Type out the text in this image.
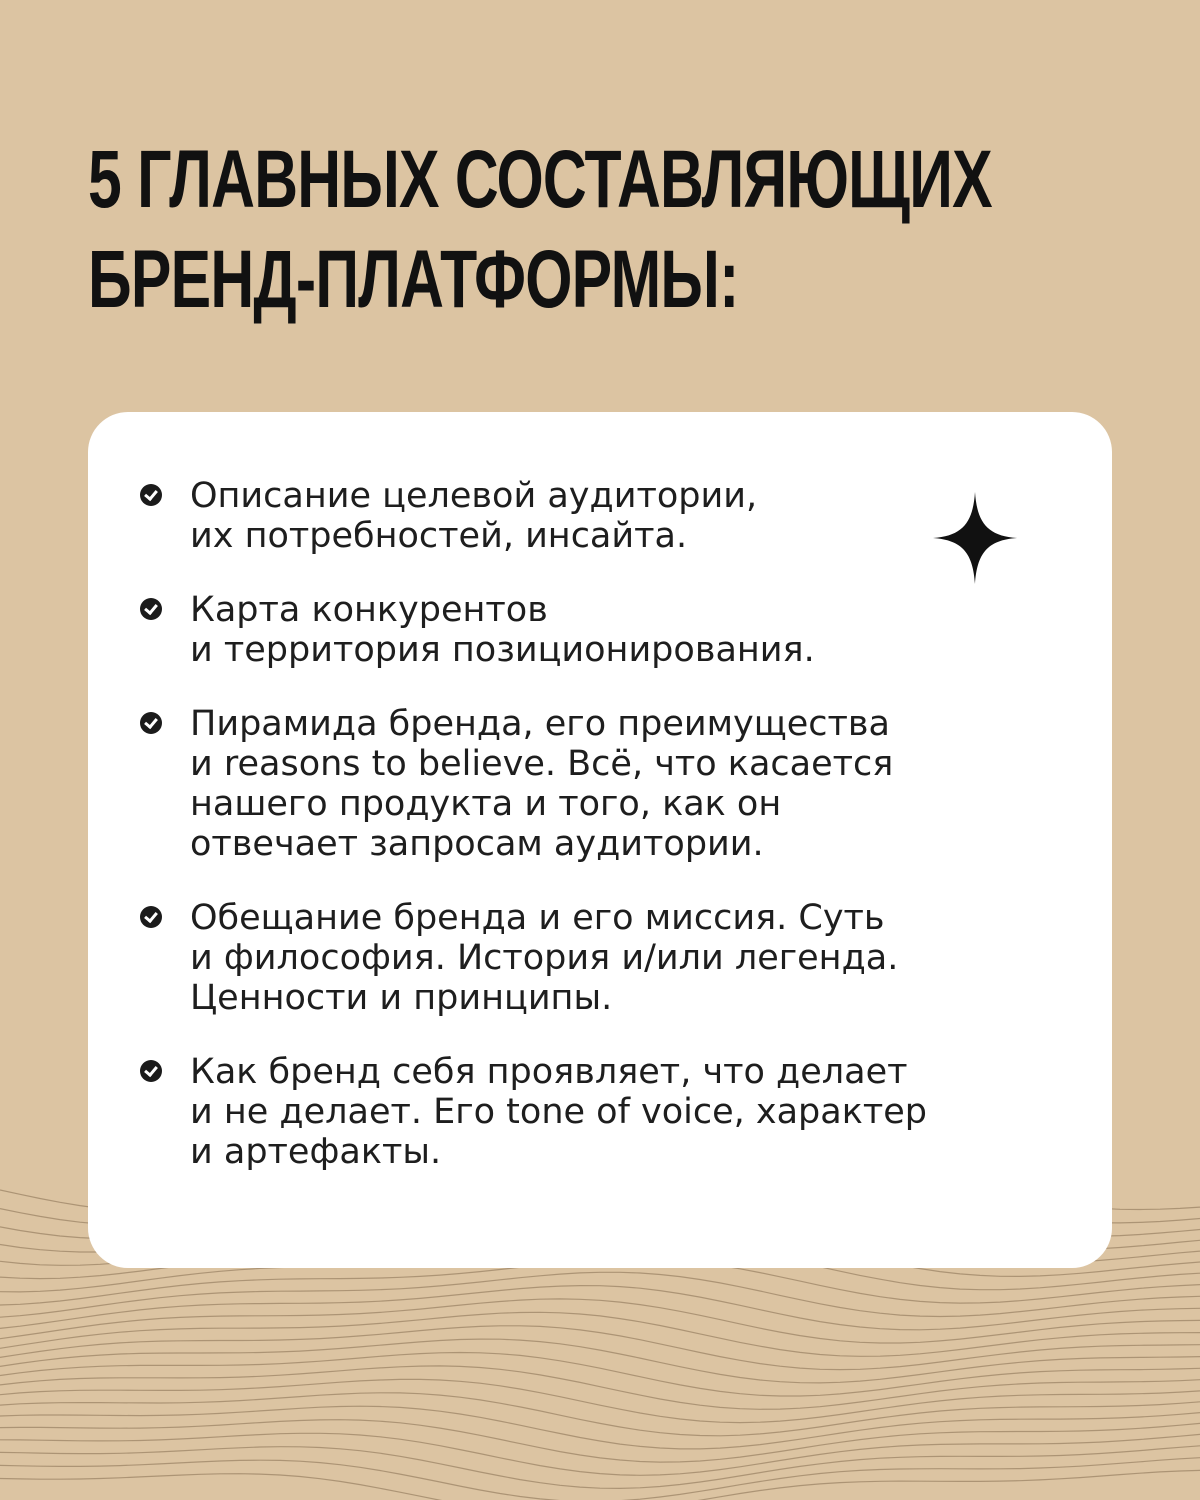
5 ГЛАВНЫХ СОСТАВЛЯЮЩИХ
БРЕНД-ПЛАТФОРМЫ:
Описание целевой аудитории,
их потребностей, инсайта.
Карта конкурентов
и территория позиционирования.
Пирамида бренда, его преимущества
и reasons to believe. Всё, что касается
нашего продукта и того, как он
отвечает запросам аудитории.
Обещание бренда и его миссия. Суть
и философия. История и/или легенда.
Ценности и принципы.
Как бренд себя проявляет, что делает
и не делает. Его tone of voice, характер
и артефакты.
